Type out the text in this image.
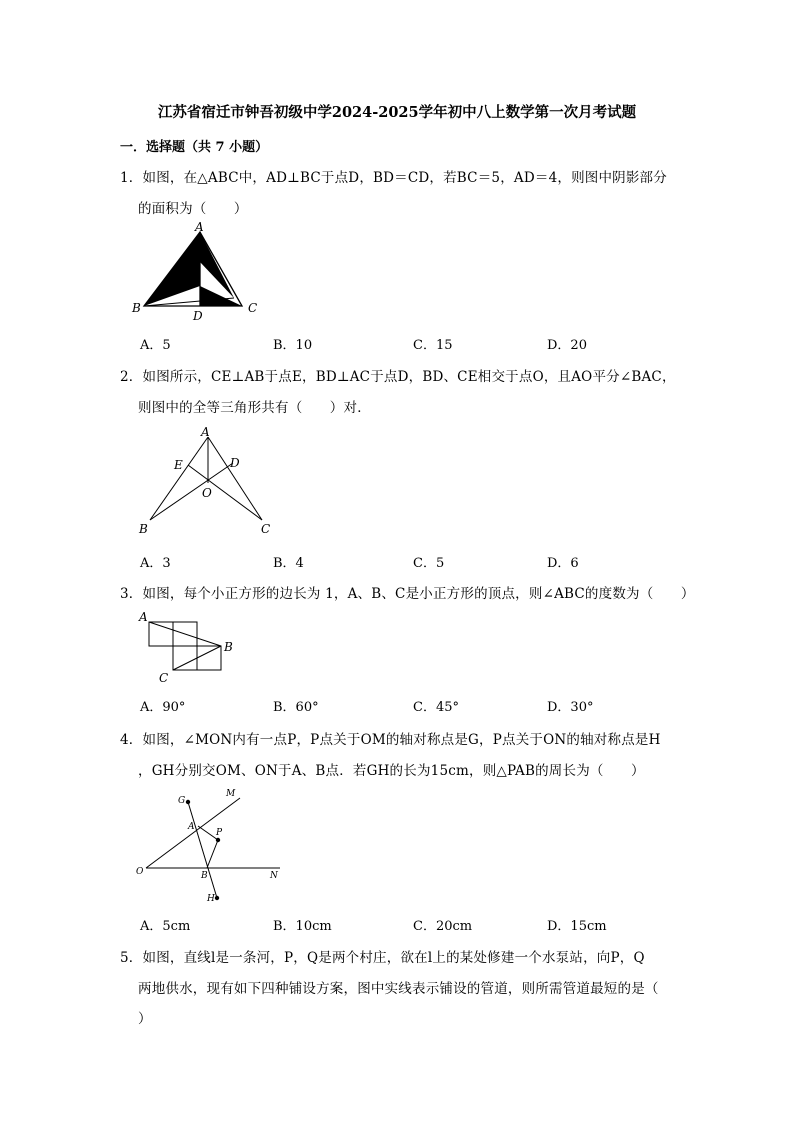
江苏省宿迁市钟吾初级中学2024-2025学年初中八上数学第一次月考试题
一．选择题（共 7 小题）
1．如图，在△ABC中，AD⊥BC于点D，BD＝CD，若BC＝5，AD＝4，则图中阴影部分
的面积为（　　）
A
B	C
D
A．5	B．10	C．15	D．20
2．如图所示，CE⊥AB于点E，BD⊥AC于点D，BD、CE相交于点O，且AO平分∠BAC，
则图中的全等三角形共有（　　）对．
A
E	D
O
B	C
A．3	B．4	C．5	D．6
3．如图，每个小正方形的边长为 1，A、B、C是小正方形的顶点，则∠ABC的度数为（　　）
A
B
C
A．90°	B．60°	C．45°	D．30°
4．如图，∠MON内有一点P，P点关于OM的轴对称点是G，P点关于ON的轴对称点是H
，GH分别交OM、ON于A、B点．若GH的长为15cm，则△PAB的周长为（　　）
G
M
A
P
O	B	N
H
A．5cm	B．10cm	C．20cm	D．15cm
5．如图，直线l是一条河，P，Q是两个村庄，欲在l上的某处修建一个水泵站，向P，Q
两地供水，现有如下四种铺设方案，图中实线表示铺设的管道，则所需管道最短的是（
）
